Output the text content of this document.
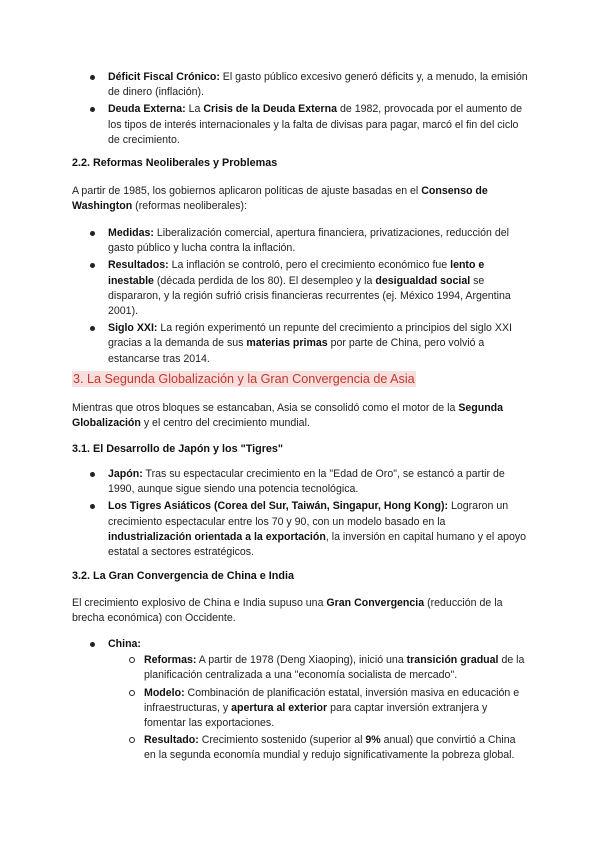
Déficit Fiscal Crónico: El gasto público excesivo generó déficits y, a menudo, la emisión de dinero (inflación).
Deuda Externa: La Crisis de la Deuda Externa de 1982, provocada por el aumento de los tipos de interés internacionales y la falta de divisas para pagar, marcó el fin del ciclo de crecimiento.
2.2. Reformas Neoliberales y Problemas

A partir de 1985, los gobiernos aplicaron políticas de ajuste basadas en el Consenso de Washington (reformas neoliberales):

Medidas: Liberalización comercial, apertura financiera, privatizaciones, reducción del gasto público y lucha contra la inflación.
Resultados: La inflación se controló, pero el crecimiento económico fue lento e inestable (década perdida de los 80). El desempleo y la desigualdad social se dispararon, y la región sufrió crisis financieras recurrentes (ej. México 1994, Argentina 2001).
Siglo XXI: La región experimentó un repunte del crecimiento a principios del siglo XXI gracias a la demanda de sus materias primas por parte de China, pero volvió a estancarse tras 2014.
3. La Segunda Globalización y la Gran Convergencia de Asia

Mientras que otros bloques se estancaban, Asia se consolidó como el motor de la Segunda Globalización y el centro del crecimiento mundial.

3.1. El Desarrollo de Japón y los "Tigres"
Japón: Tras su espectacular crecimiento en la "Edad de Oro", se estancó a partir de 1990, aunque sigue siendo una potencia tecnológica.
Los Tigres Asiáticos (Corea del Sur, Taiwán, Singapur, Hong Kong): Lograron un crecimiento espectacular entre los 70 y 90, con un modelo basado en la industrialización orientada a la exportación, la inversión en capital humano y el apoyo estatal a sectores estratégicos.
3.2. La Gran Convergencia de China e India

El crecimiento explosivo de China e India supuso una Gran Convergencia (reducción de la brecha económica) con Occidente.

China:
Reformas: A partir de 1978 (Deng Xiaoping), inició una transición gradual de la planificación centralizada a una "economía socialista de mercado".
Modelo: Combinación de planificación estatal, inversión masiva en educación e infraestructuras, y apertura al exterior para captar inversión extranjera y fomentar las exportaciones.
Resultado: Crecimiento sostenido (superior al 9% anual) que convirtió a China en la segunda economía mundial y redujo significativamente la pobreza global.
